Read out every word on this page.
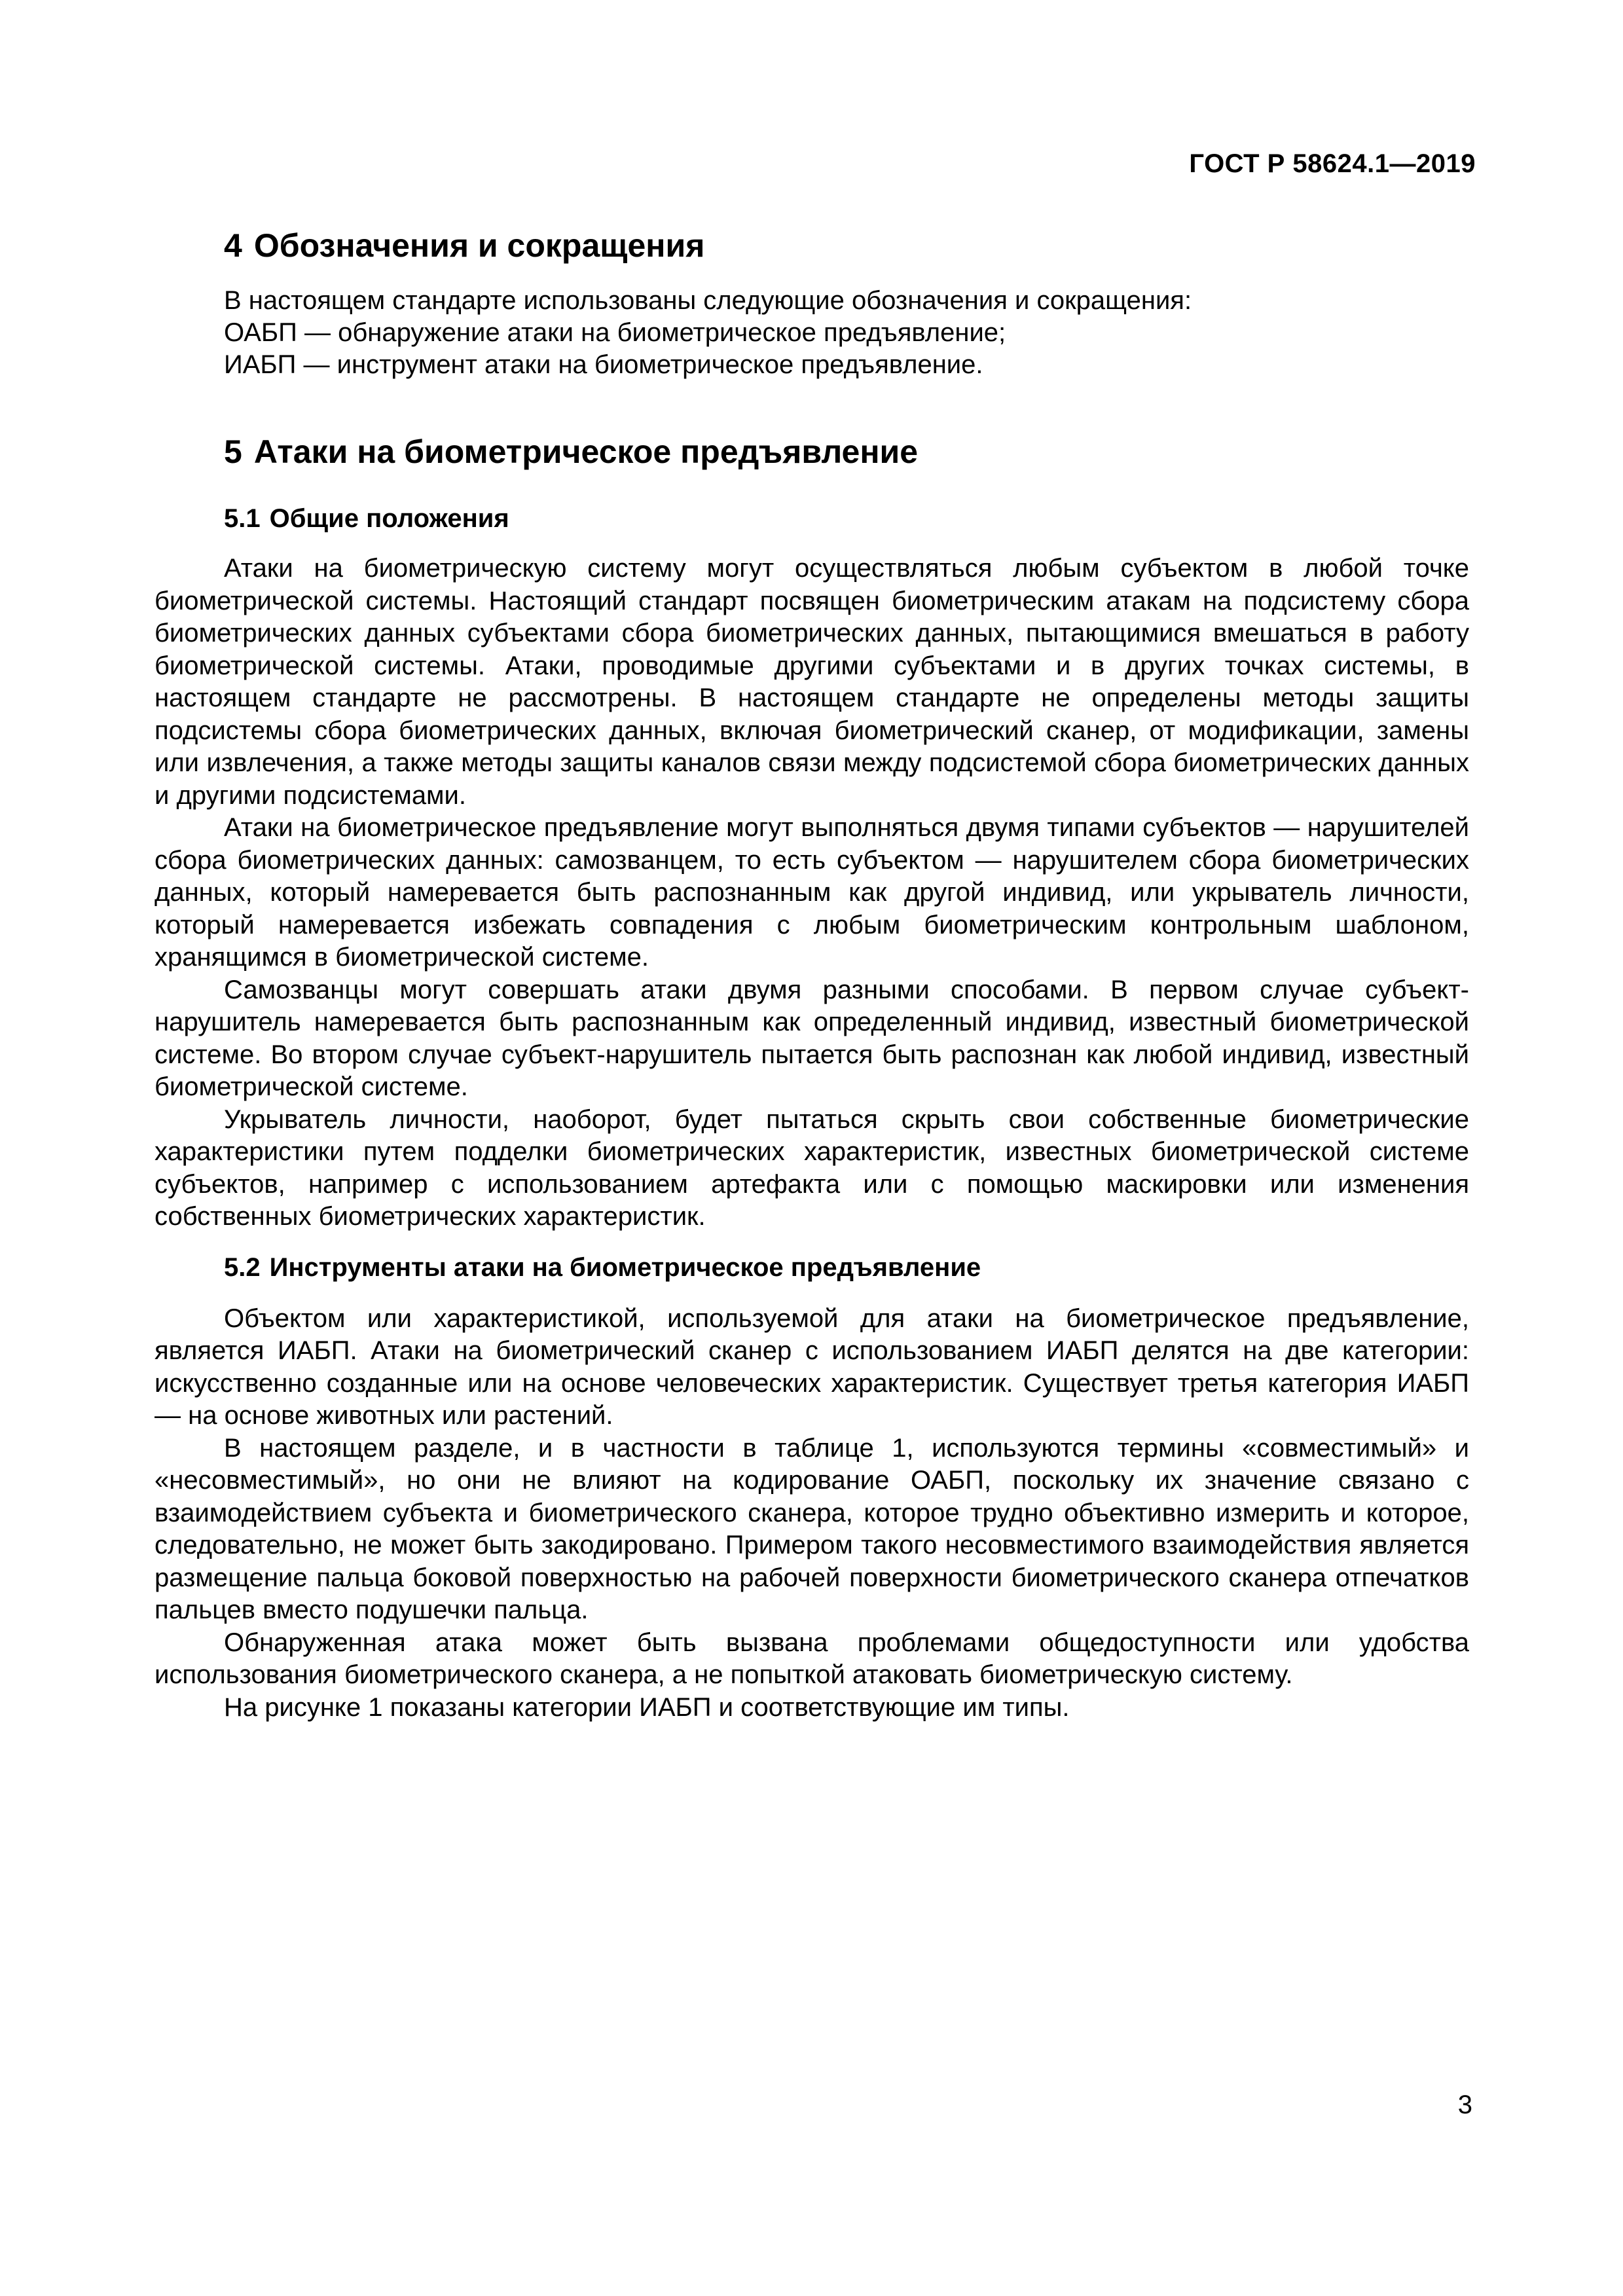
ГОСТ Р 58624.1—2019
4 Обозначения и сокращения
В настоящем стандарте использованы следующие обозначения и сокращения:
ОАБП — обнаружение атаки на биометрическое предъявление;
ИАБП — инструмент атаки на биометрическое предъявление.
5 Атаки на биометрическое предъявление
5.1 Общие положения

Атаки на биометрическую систему могут осуществляться любым субъектом в любой точке биометрической системы. Настоящий стандарт посвящен биометрическим атакам на подсистему сбора биометрических данных субъектами сбора биометрических данных, пытающимися вмешаться в работу биометрической системы. Атаки, проводимые другими субъектами и в других точках системы, в настоящем стандарте не рассмотрены. В настоящем стандарте не определены методы защиты подсистемы сбора биометрических данных, включая биометрический сканер, от модификации, замены или извлечения, а также методы защиты каналов связи между подсистемой сбора биометрических данных и другими подсистемами.

Атаки на биометрическое предъявление могут выполняться двумя типами субъектов — нарушителей сбора биометрических данных: самозванцем, то есть субъектом — нарушителем сбора биометрических данных, который намеревается быть распознанным как другой индивид, или укрыватель личности, который намеревается избежать совпадения с любым биометрическим контрольным шаблоном, хранящимся в биометрической системе.

Самозванцы могут совершать атаки двумя разными способами. В первом случае субъект-нарушитель намеревается быть распознанным как определенный индивид, известный биометрической системе. Во втором случае субъект-нарушитель пытается быть распознан как любой индивид, известный биометрической системе.

Укрыватель личности, наоборот, будет пытаться скрыть свои собственные биометрические характеристики путем подделки биометрических характеристик, известных биометрической системе субъектов, например с использованием артефакта или с помощью маскировки или изменения собственных биометрических характеристик.

5.2 Инструменты атаки на биометрическое предъявление

Объектом или характеристикой, используемой для атаки на биометрическое предъявление, является ИАБП. Атаки на биометрический сканер с использованием ИАБП делятся на две категории: искусственно созданные или на основе человеческих характеристик. Существует третья категория ИАБП — на основе животных или растений.

В настоящем разделе, и в частности в таблице 1, используются термины «совместимый» и «несовместимый», но они не влияют на кодирование ОАБП, поскольку их значение связано с взаимодействием субъекта и биометрического сканера, которое трудно объективно измерить и которое, следовательно, не может быть закодировано. Примером такого несовместимого взаимодействия является размещение пальца боковой поверхностью на рабочей поверхности биометрического сканера отпечатков пальцев вместо подушечки пальца.

Обнаруженная атака может быть вызвана проблемами общедоступности или удобства использования биометрического сканера, а не попыткой атаковать биометрическую систему.

На рисунке 1 показаны категории ИАБП и соответствующие им типы.

3
